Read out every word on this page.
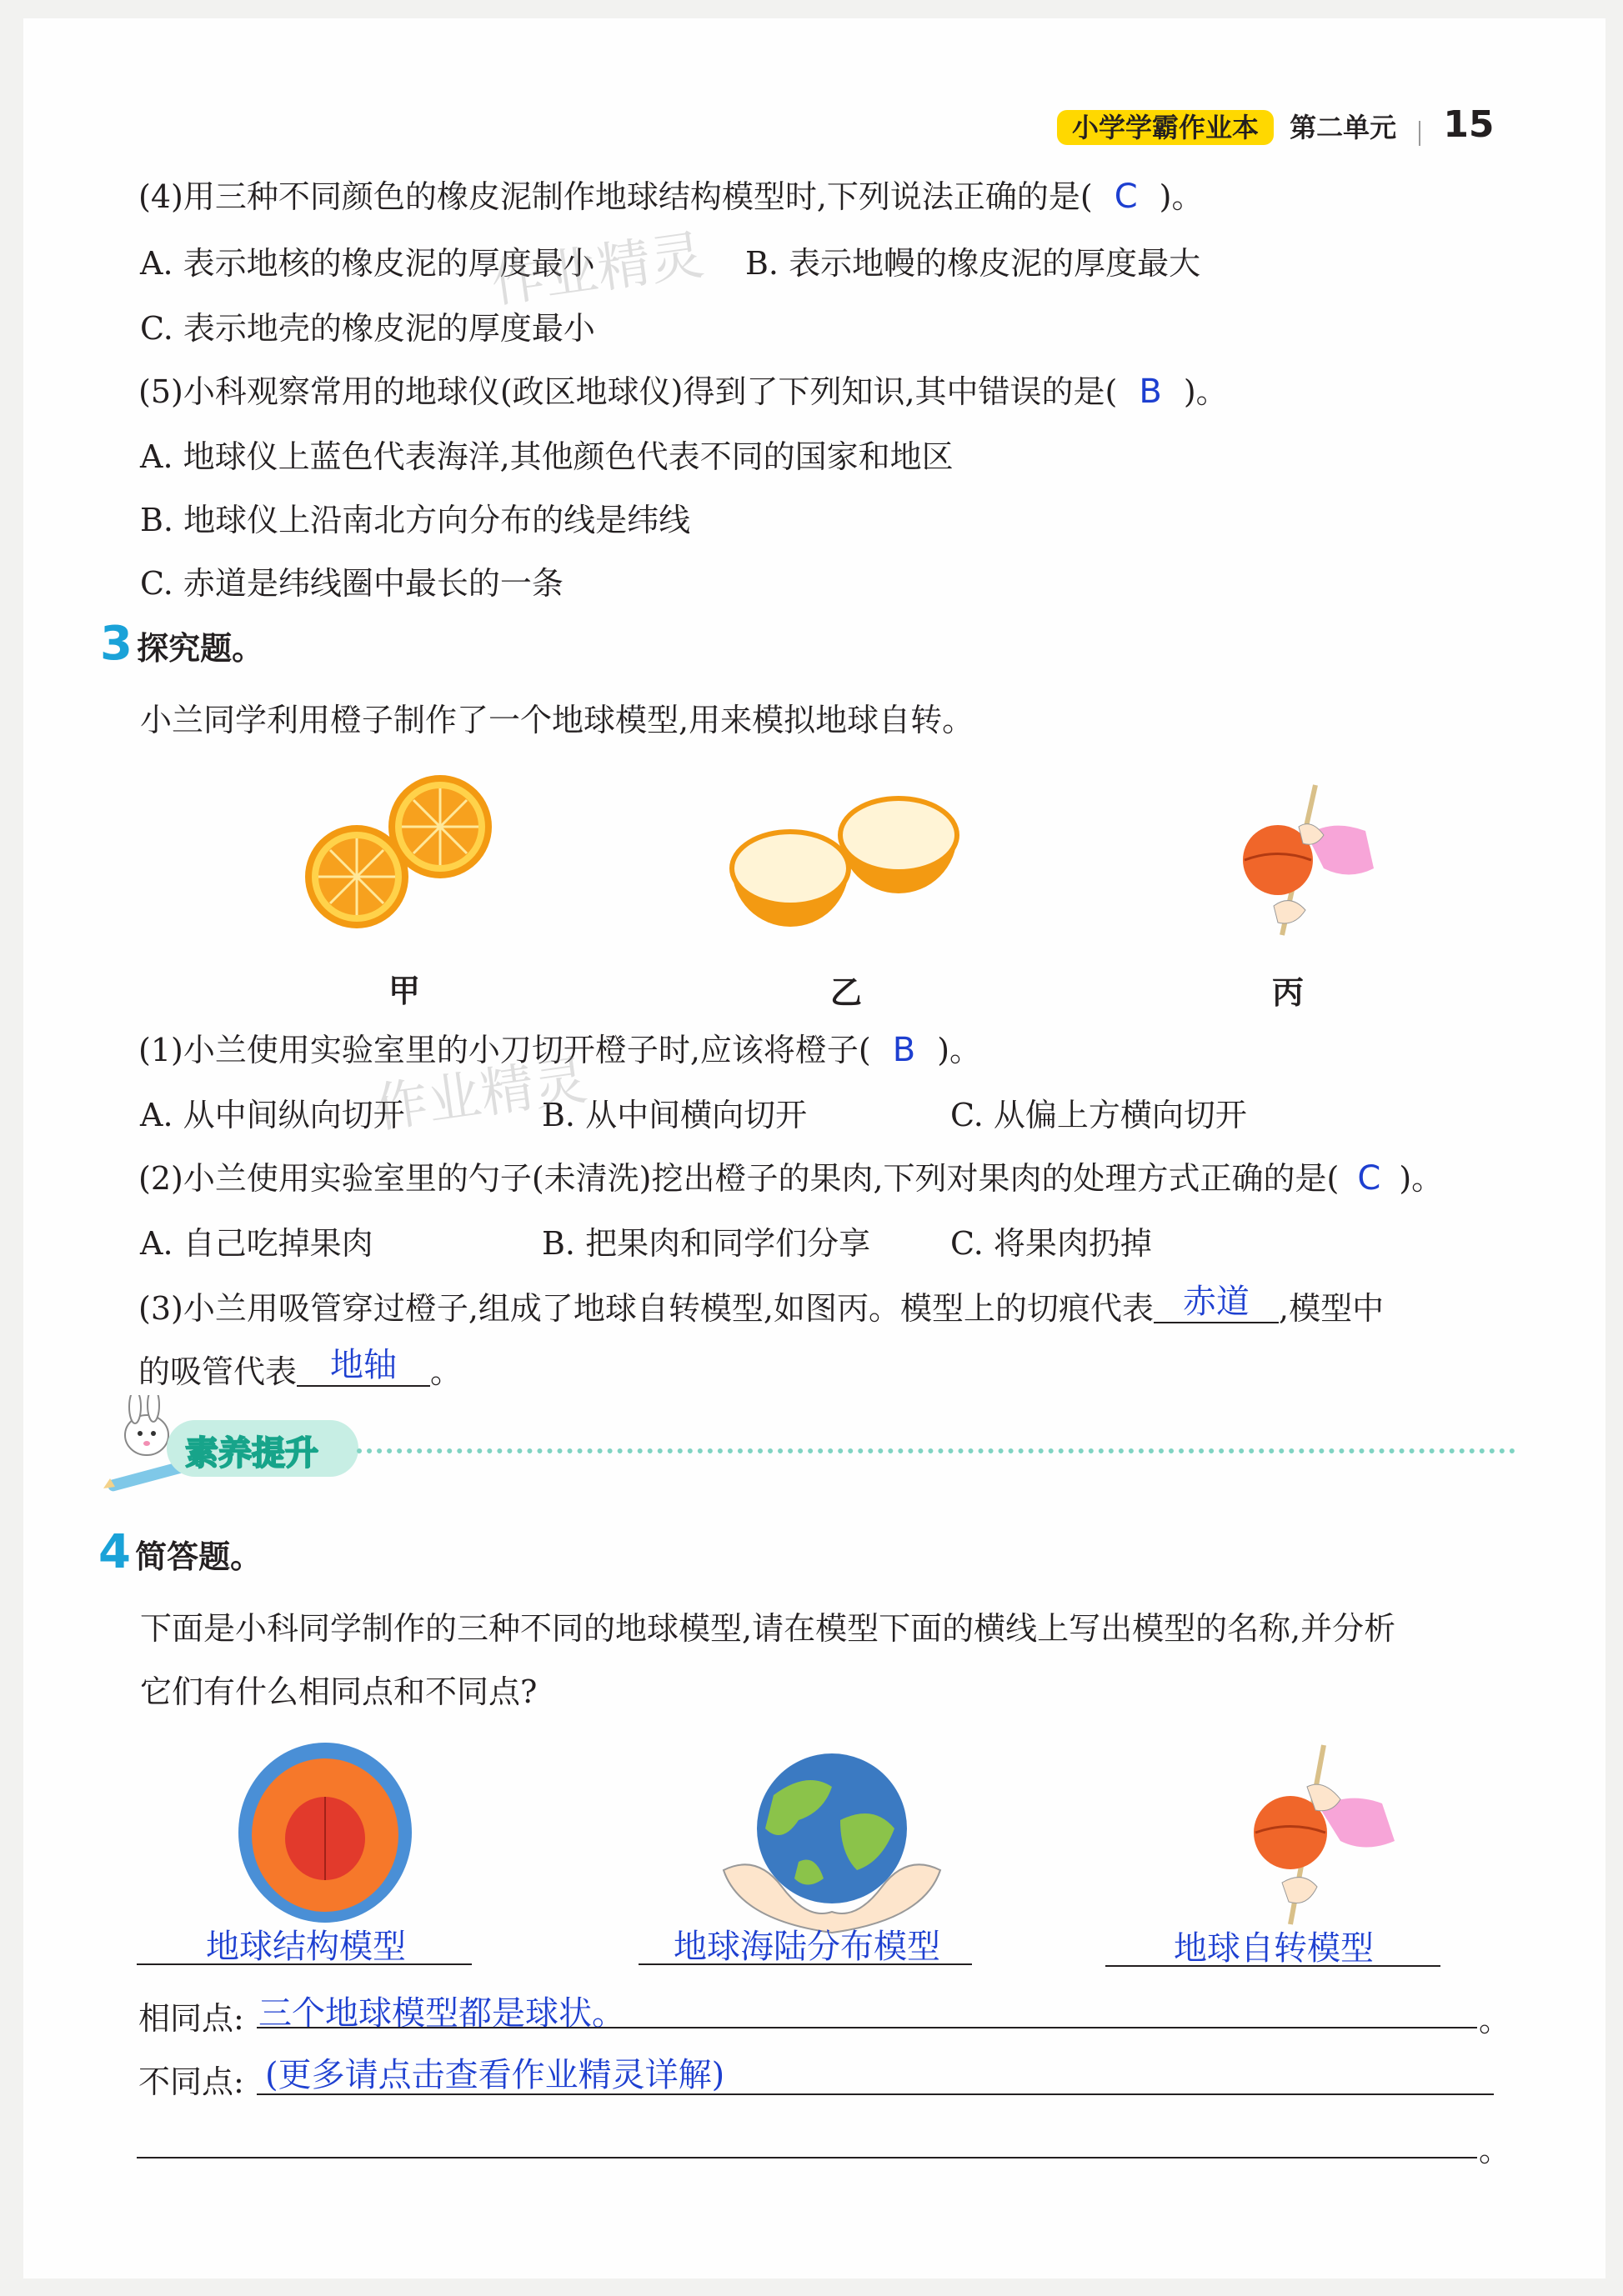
小学学霸作业本 第二单元 15
(4)用三种不同颜色的橡皮泥制作地球结构模型时,下列说法正确的是( C )。
A. 表示地核的橡皮泥的厚度最小	B. 表示地幔的橡皮泥的厚度最大
C. 表示地壳的橡皮泥的厚度最小
作业精灵
(5)小科观察常用的地球仪(政区地球仪)得到了下列知识,其中错误的是( B )。
A. 地球仪上蓝色代表海洋,其他颜色代表不同的国家和地区
B. 地球仪上沿南北方向分布的线是纬线
C. 赤道是纬线圈中最长的一条
3 探究题。
小兰同学利用橙子制作了一个地球模型,用来模拟地球自转。
甲	乙	丙
(1)小兰使用实验室里的小刀切开橙子时,应该将橙子( B )。
A. 从中间纵向切开	B. 从中间横向切开	C. 从偏上方横向切开
作业精灵
(2)小兰使用实验室里的勺子(未清洗)挖出橙子的果肉,下列对果肉的处理方式正确的是( C )。
A. 自己吃掉果肉	B. 把果肉和同学们分享	C. 将果肉扔掉
(3)小兰用吸管穿过橙子,组成了地球自转模型,如图丙。模型上的切痕代表 赤道 ,模型中
的吸管代表 地轴 。
素养提升
4 简答题。
下面是小科同学制作的三种不同的地球模型,请在模型下面的横线上写出模型的名称,并分析
它们有什么相同点和不同点?
地球结构模型	地球海陆分布模型	地球自转模型
相同点: 三个地球模型都是球状。	。
不同点: (更多请点击查看作业精灵详解)
。
